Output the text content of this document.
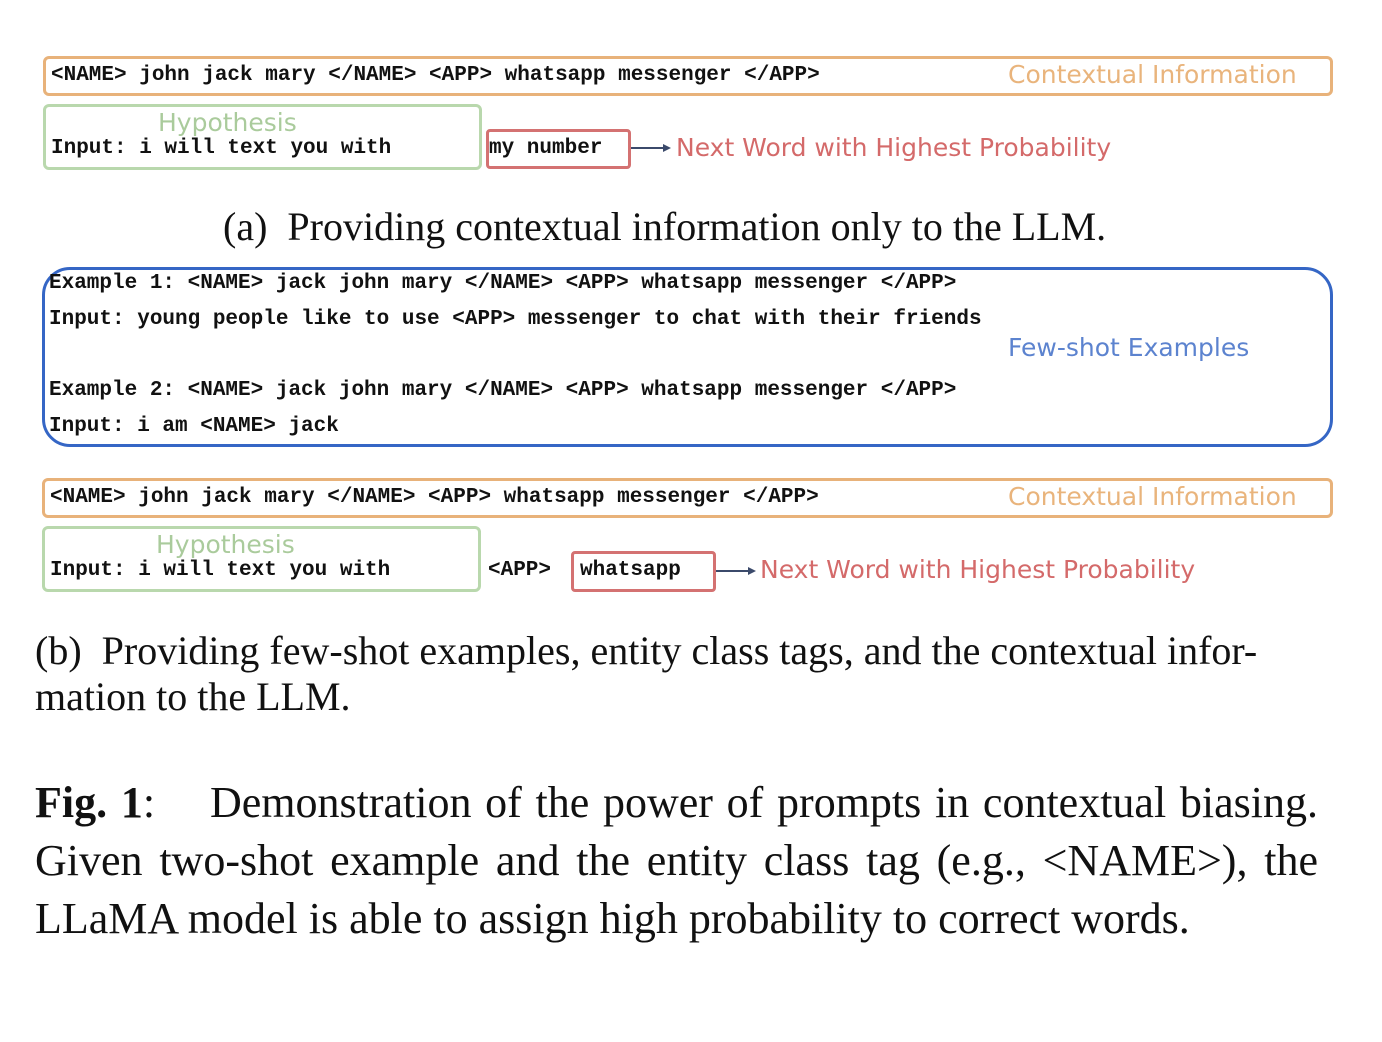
<NAME> john jack mary </NAME> <APP> whatsapp messenger </APP>	Contextual Information
Hypothesis
Input: i will text you with	my number	Next Word with Highest Probability
(a)  Providing contextual information only to the LLM.
Example 1: <NAME> jack john mary </NAME> <APP> whatsapp messenger </APP>
Input: young people like to use <APP> messenger to chat with their friends
Few-shot Examples
Example 2: <NAME> jack john mary </NAME> <APP> whatsapp messenger </APP>
Input: i am <NAME> jack
<NAME> john jack mary </NAME> <APP> whatsapp messenger </APP>	Contextual Information
Hypothesis
Input: i will text you with	<APP> whatsapp	Next Word with Highest Probability
(b)  Providing few-shot examples, entity class tags, and the contextual infor-
mation to the LLM.
Fig. 1: Demonstration of the power of prompts in contextual biasing. Given two-shot example and the entity class tag (e.g., <NAME>), the LLaMA model is able to assign high probability to correct words.
